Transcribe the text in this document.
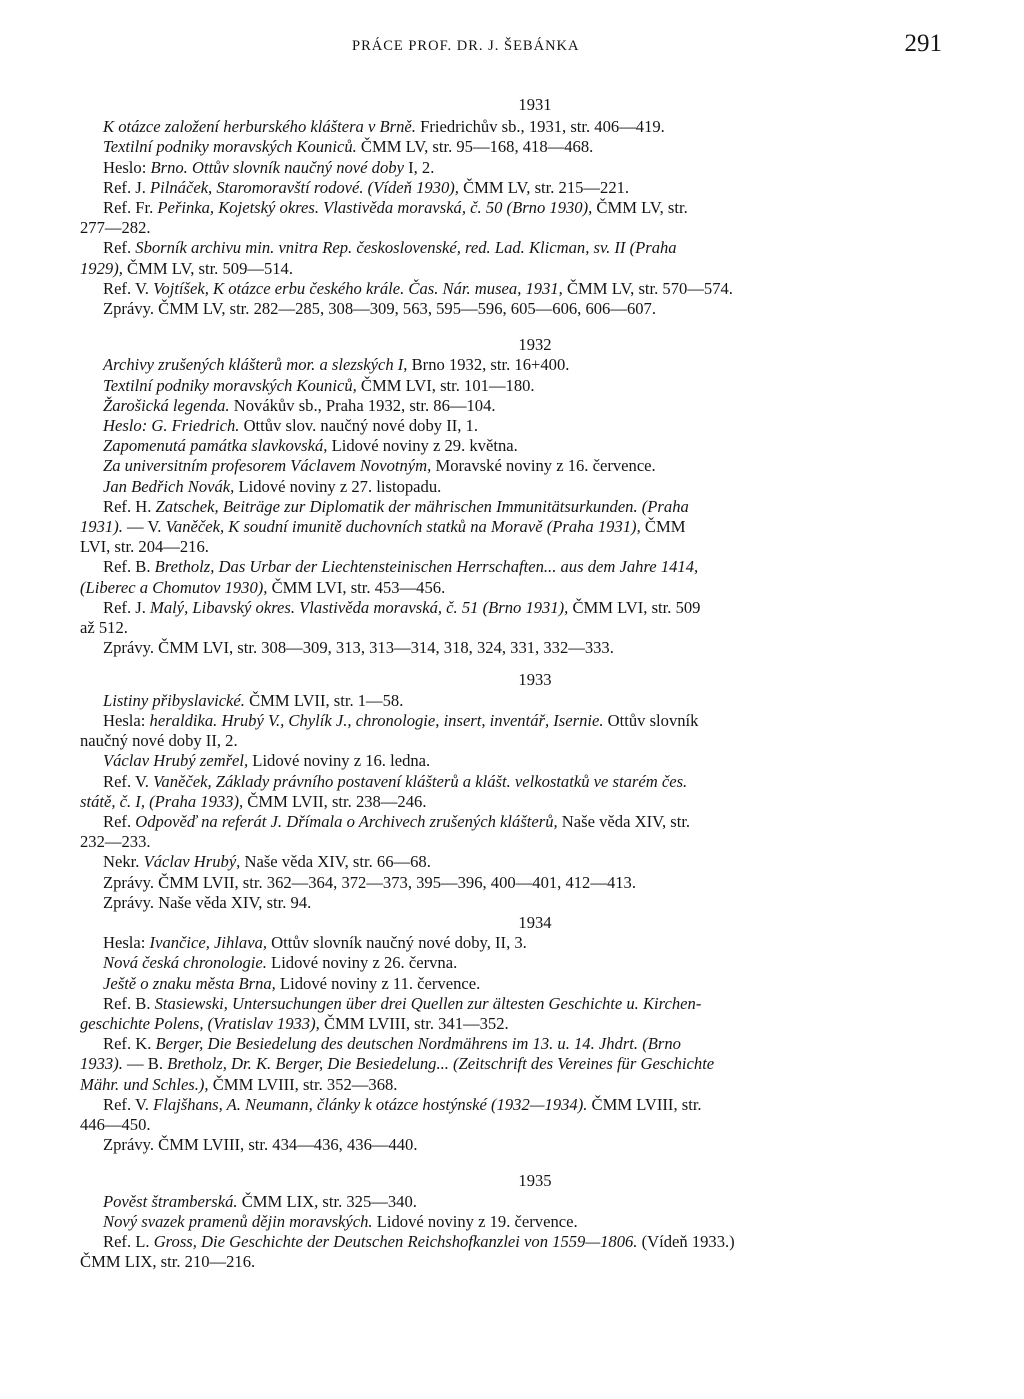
PRÁCE PROF. DR. J. ŠEBÁNKA	291

1931

K otázce založení herburského kláštera v Brně. Friedrichův sb., 1931, str. 406—419.

Textilní podniky moravských Kouniců. ČMM LV, str. 95—168, 418—468.

Heslo: Brno. Ottův slovník naučný nové doby I, 2.

Ref. J. Pilnáček, Staromoravští rodové. (Vídeň 1930), ČMM LV, str. 215—221.

Ref. Fr. Peřinka, Kojetský okres. Vlastivěda moravská, č. 50 (Brno 1930), ČMM LV, str.
277—282.

Ref. Sborník archivu min. vnitra Rep. československé, red. Lad. Klicman, sv. II (Praha
1929), ČMM LV, str. 509—514.

Ref. V. Vojtíšek, K otázce erbu českého krále. Čas. Nár. musea, 1931, ČMM LV, str. 570—574.

Zprávy. ČMM LV, str. 282—285, 308—309, 563, 595—596, 605—606, 606—607.

1932

Archivy zrušených klášterů mor. a slezských I, Brno 1932, str. 16+400.

Textilní podniky moravských Kouniců, ČMM LVI, str. 101—180.

Žarošická legenda. Novákův sb., Praha 1932, str. 86—104.

Heslo: G. Friedrich. Ottův slov. naučný nové doby II, 1.

Zapomenutá památka slavkovská, Lidové noviny z 29. května.

Za universitním profesorem Václavem Novotným, Moravské noviny z 16. července.

Jan Bedřich Novák, Lidové noviny z 27. listopadu.

Ref. H. Zatschek, Beiträge zur Diplomatik der mährischen Immunitätsurkunden. (Praha
1931). — V. Vaněček, K soudní imunitě duchovních statků na Moravě (Praha 1931), ČMM
LVI, str. 204—216.

Ref. B. Bretholz, Das Urbar der Liechtensteinischen Herrschaften... aus dem Jahre 1414,
(Liberec a Chomutov 1930), ČMM LVI, str. 453—456.

Ref. J. Malý, Libavský okres. Vlastivěda moravská, č. 51 (Brno 1931), ČMM LVI, str. 509
až 512.

Zprávy. ČMM LVI, str. 308—309, 313, 313—314, 318, 324, 331, 332—333.

1933

Listiny přibyslavické. ČMM LVII, str. 1—58.

Hesla: heraldika. Hrubý V., Chylík J., chronologie, insert, inventář, Isernie. Ottův slovník
naučný nové doby II, 2.

Václav Hrubý zemřel, Lidové noviny z 16. ledna.

Ref. V. Vaněček, Základy právního postavení klášterů a klášt. velkostatků ve starém čes.
státě, č. I, (Praha 1933), ČMM LVII, str. 238—246.

Ref. Odpověď na referát J. Dřímala o Archivech zrušených klášterů, Naše věda XIV, str.
232—233.

Nekr. Václav Hrubý, Naše věda XIV, str. 66—68.

Zprávy. ČMM LVII, str. 362—364, 372—373, 395—396, 400—401, 412—413.

Zprávy. Naše věda XIV, str. 94.

1934

Hesla: Ivančice, Jihlava, Ottův slovník naučný nové doby, II, 3.

Nová česká chronologie. Lidové noviny z 26. června.

Ještě o znaku města Brna, Lidové noviny z 11. července.

Ref. B. Stasiewski, Untersuchungen über drei Quellen zur ältesten Geschichte u. Kirchen-
geschichte Polens, (Vratislav 1933), ČMM LVIII, str. 341—352.

Ref. K. Berger, Die Besiedelung des deutschen Nordmährens im 13. u. 14. Jhdrt. (Brno
1933). — B. Bretholz, Dr. K. Berger, Die Besiedelung... (Zeitschrift des Vereines für Geschichte
Mähr. und Schles.), ČMM LVIII, str. 352—368.

Ref. V. Flajšhans, A. Neumann, články k otázce hostýnské (1932—1934). ČMM LVIII, str.
446—450.

Zprávy. ČMM LVIII, str. 434—436, 436—440.

1935

Pověst štramberská. ČMM LIX, str. 325—340.

Nový svazek pramenů dějin moravských. Lidové noviny z 19. července.

Ref. L. Gross, Die Geschichte der Deutschen Reichshofkanzlei von 1559—1806. (Vídeň 1933.)
ČMM LIX, str. 210—216.
